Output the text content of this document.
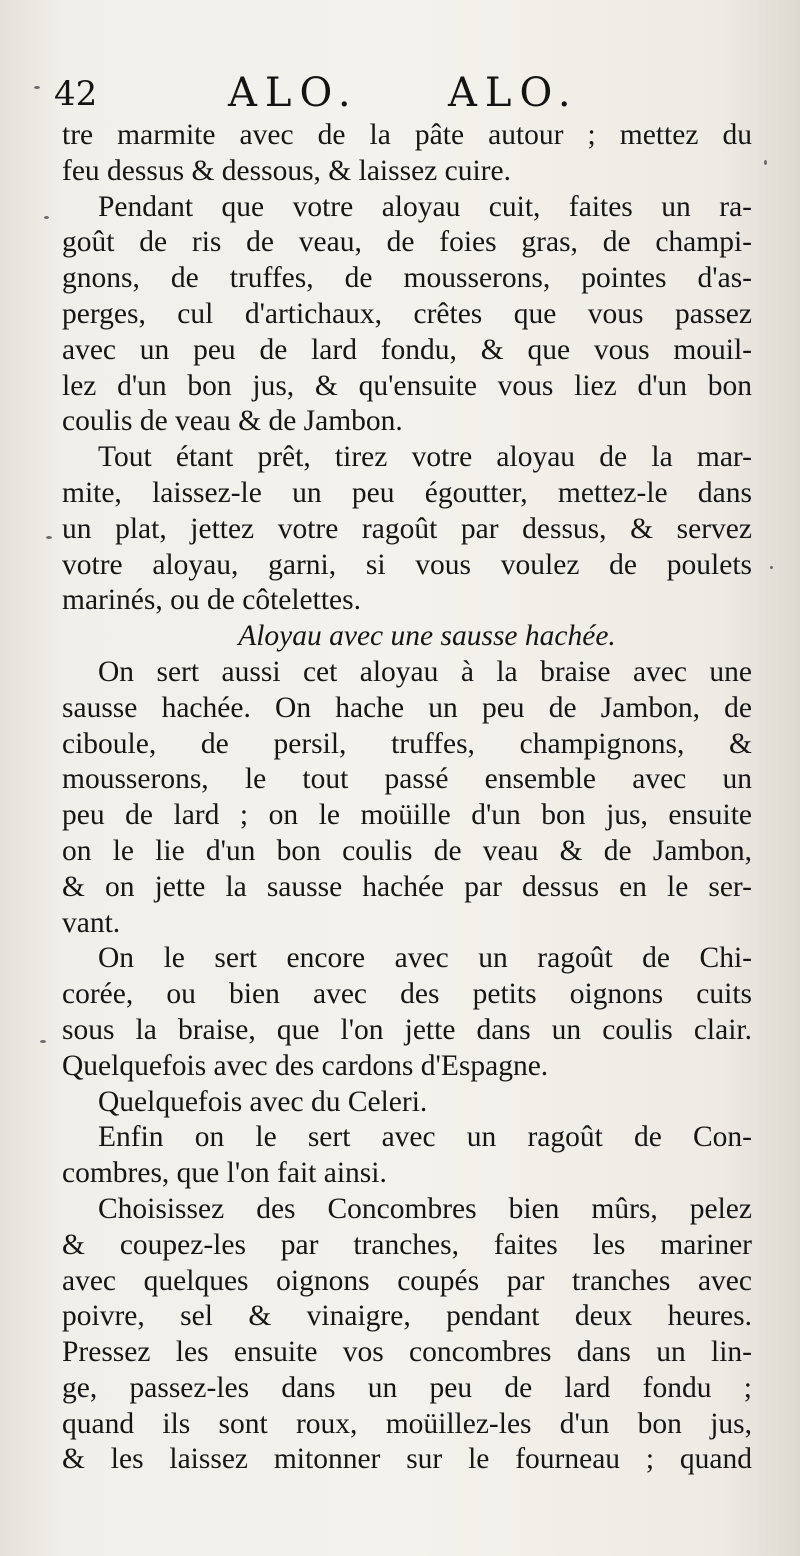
42	ALO. ALO.
tre marmite avec de la pâte autour ; mettez du
feu dessus & dessous, & laissez cuire.
Pendant que votre aloyau cuit, faites un ra-
goût de ris de veau, de foies gras, de champi-
gnons, de truffes, de mousserons, pointes d'as-
perges, cul d'artichaux, crêtes que vous passez
avec un peu de lard fondu, & que vous mouil-
lez d'un bon jus, & qu'ensuite vous liez d'un bon
coulis de veau & de Jambon.
Tout étant prêt, tirez votre aloyau de la mar-
mite, laissez-le un peu égoutter, mettez-le dans
un plat, jettez votre ragoût par dessus, & servez
votre aloyau, garni, si vous voulez de poulets
marinés, ou de côtelettes.
Aloyau avec une sausse hachée.
On sert aussi cet aloyau à la braise avec une
sausse hachée. On hache un peu de Jambon, de
ciboule, de persil, truffes, champignons, &
mousserons, le tout passé ensemble avec un
peu de lard ; on le moüille d'un bon jus, ensuite
on le lie d'un bon coulis de veau & de Jambon,
& on jette la sausse hachée par dessus en le ser-
vant.
On le sert encore avec un ragoût de Chi-
corée, ou bien avec des petits oignons cuits
sous la braise, que l'on jette dans un coulis clair.
Quelquefois avec des cardons d'Espagne.
Quelquefois avec du Celeri.
Enfin on le sert avec un ragoût de Con-
combres, que l'on fait ainsi.
Choisissez des Concombres bien mûrs, pelez
& coupez-les par tranches, faites les mariner
avec quelques oignons coupés par tranches avec
poivre, sel & vinaigre, pendant deux heures.
Pressez les ensuite vos concombres dans un lin-
ge, passez-les dans un peu de lard fondu ;
quand ils sont roux, moüillez-les d'un bon jus,
& les laissez mitonner sur le fourneau ; quand
